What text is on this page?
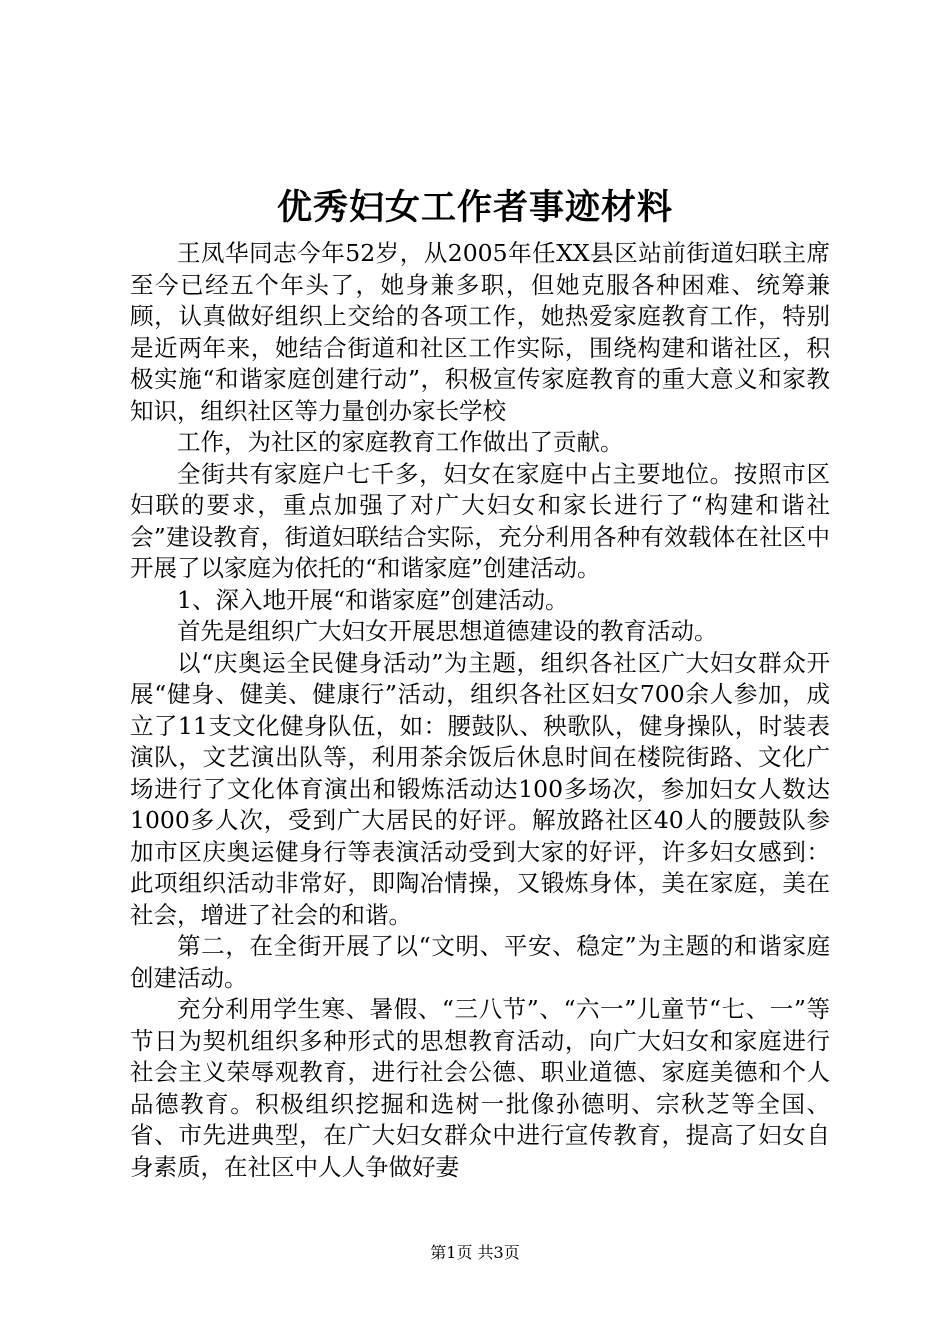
优秀妇女工作者事迹材料

王凤华同志今年52岁，从2005年任XX县区站前街道妇联主席至今已经五个年头了，她身兼多职，但她克服各种困难、统筹兼顾，认真做好组织上交给的各项工作，她热爱家庭教育工作，特别是近两年来，她结合街道和社区工作实际，围绕构建和谐社区，积极实施“和谐家庭创建行动”，积极宣传家庭教育的重大意义和家教知识，组织社区等力量创办家长学校

工作，为社区的家庭教育工作做出了贡献。

全街共有家庭户七千多，妇女在家庭中占主要地位。按照市区妇联的要求，重点加强了对广大妇女和家长进行了“构建和谐社会”建设教育，街道妇联结合实际，充分利用各种有效载体在社区中开展了以家庭为依托的“和谐家庭”创建活动。

1、深入地开展“和谐家庭”创建活动。

首先是组织广大妇女开展思想道德建设的教育活动。

以“庆奥运全民健身活动”为主题，组织各社区广大妇女群众开展“健身、健美、健康行”活动，组织各社区妇女700余人参加，成立了11支文化健身队伍，如：腰鼓队、秧歌队，健身操队，时装表演队，文艺演出队等，利用茶余饭后休息时间在楼院街路、文化广场进行了文化体育演出和锻炼活动达100多场次，参加妇女人数达1000多人次，受到广大居民的好评。解放路社区40人的腰鼓队参加市区庆奥运健身行等表演活动受到大家的好评，许多妇女感到：此项组织活动非常好，即陶冶情操，又锻炼身体，美在家庭，美在社会，增进了社会的和谐。

第二，在全街开展了以“文明、平安、稳定”为主题的和谐家庭创建活动。

充分利用学生寒、暑假、“三八节”、“六一”儿童节“七、一”等节日为契机组织多种形式的思想教育活动，向广大妇女和家庭进行社会主义荣辱观教育，进行社会公德、职业道德、家庭美德和个人品德教育。积极组织挖掘和选树一批像孙德明、宗秋芝等全国、省、市先进典型，在广大妇女群众中进行宣传教育，提高了妇女自身素质，在社区中人人争做好妻

第1页 共3页
